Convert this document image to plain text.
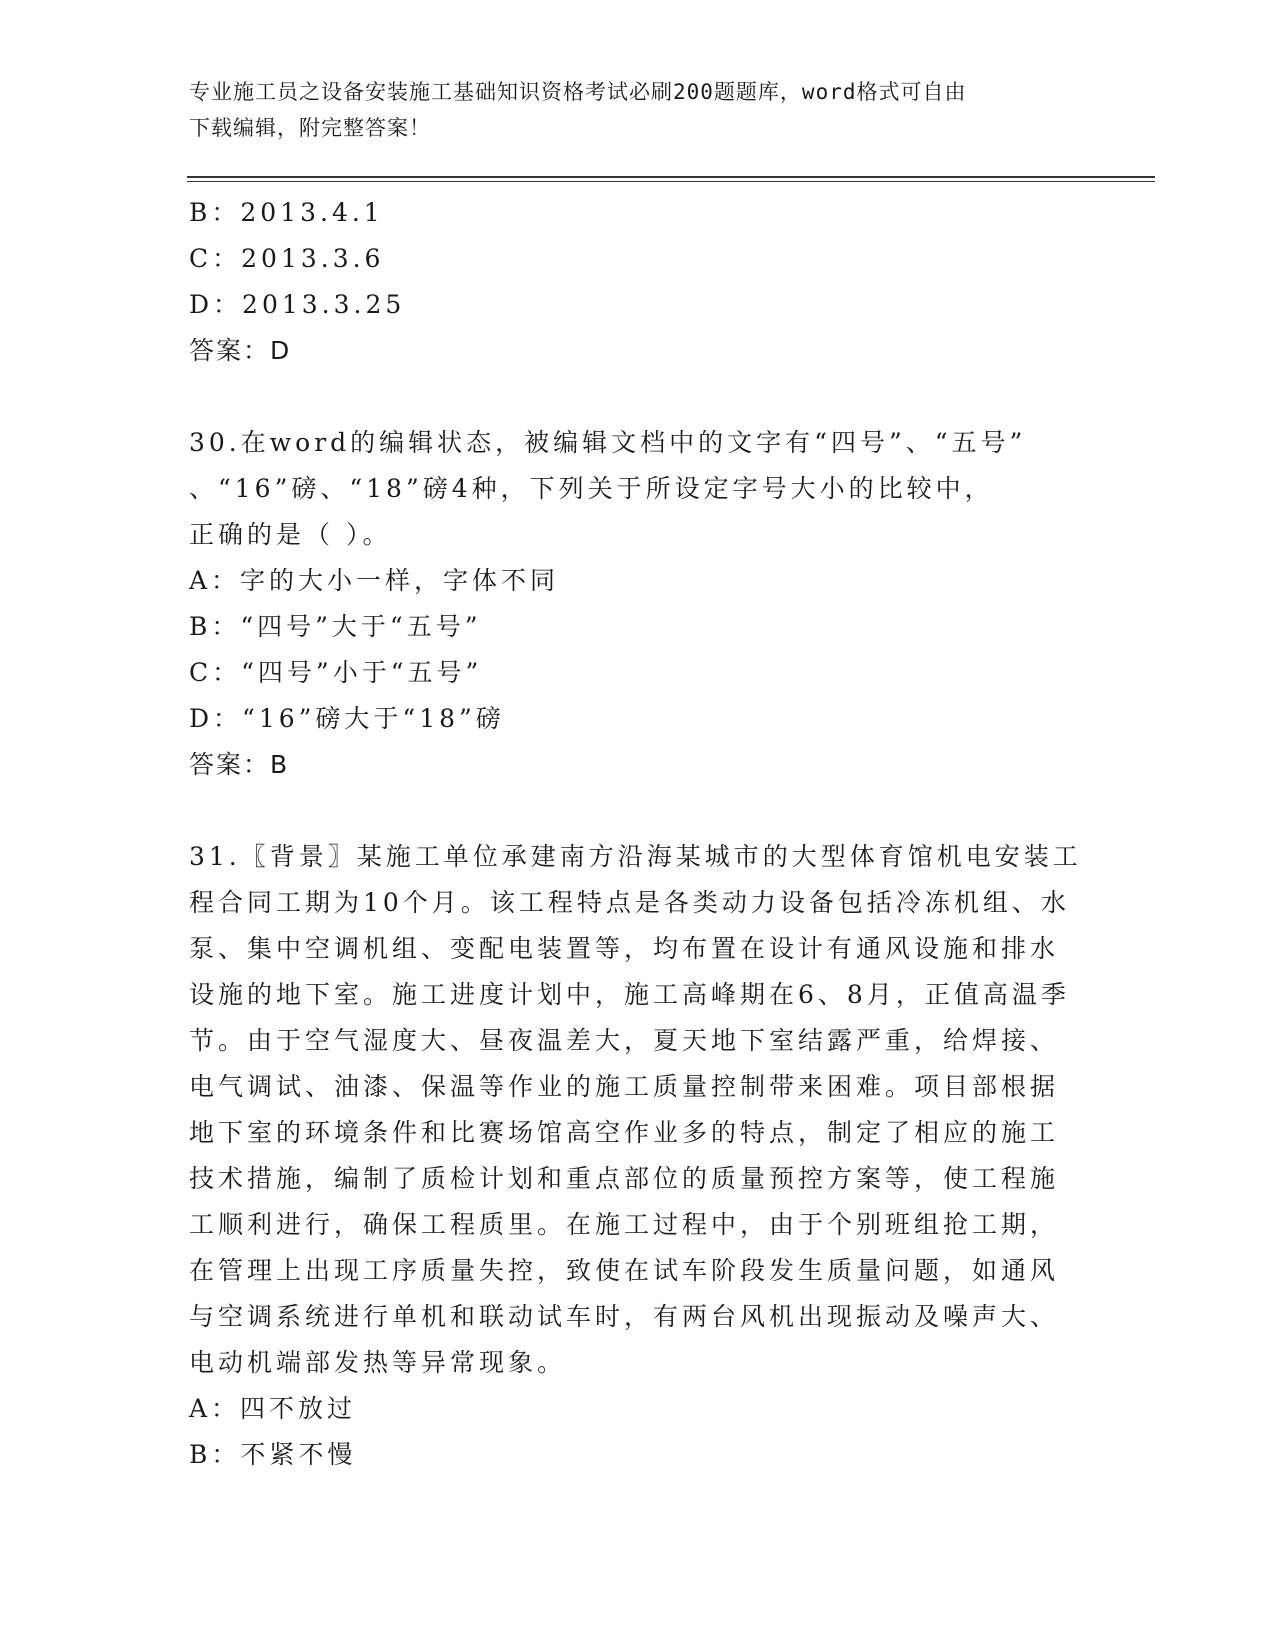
专业施工员之设备安装施工基础知识资格考试必刷200题题库，word格式可自由
下载编辑，附完整答案！
B：2013.4.1
C：2013.3.6
D：2013.3.25
答案：D
30.在word的编辑状态，被编辑文档中的文字有“四号”、“五号”
、“16”磅、“18”磅4种，下列关于所设定字号大小的比较中，
正确的是（ ）。
A：字的大小一样，字体不同
B：“四号”大于“五号”
C：“四号”小于“五号”
D：“16”磅大于“18”磅
答案：B
31.〖背景〗某施工单位承建南方沿海某城市的大型体育馆机电安装工
程合同工期为10个月。该工程特点是各类动力设备包括冷冻机组、水
泵、集中空调机组、变配电装置等，均布置在设计有通风设施和排水
设施的地下室。施工进度计划中，施工高峰期在6、8月，正值高温季
节。由于空气湿度大、昼夜温差大，夏天地下室结露严重，给焊接、
电气调试、油漆、保温等作业的施工质量控制带来困难。项目部根据
地下室的环境条件和比赛场馆高空作业多的特点，制定了相应的施工
技术措施，编制了质检计划和重点部位的质量预控方案等，使工程施
工顺利进行，确保工程质里。在施工过程中，由于个别班组抢工期，
在管理上出现工序质量失控，致使在试车阶段发生质量问题，如通风
与空调系统进行单机和联动试车时，有两台风机出现振动及噪声大、
电动机端部发热等异常现象。
A：四不放过
B：不紧不慢
